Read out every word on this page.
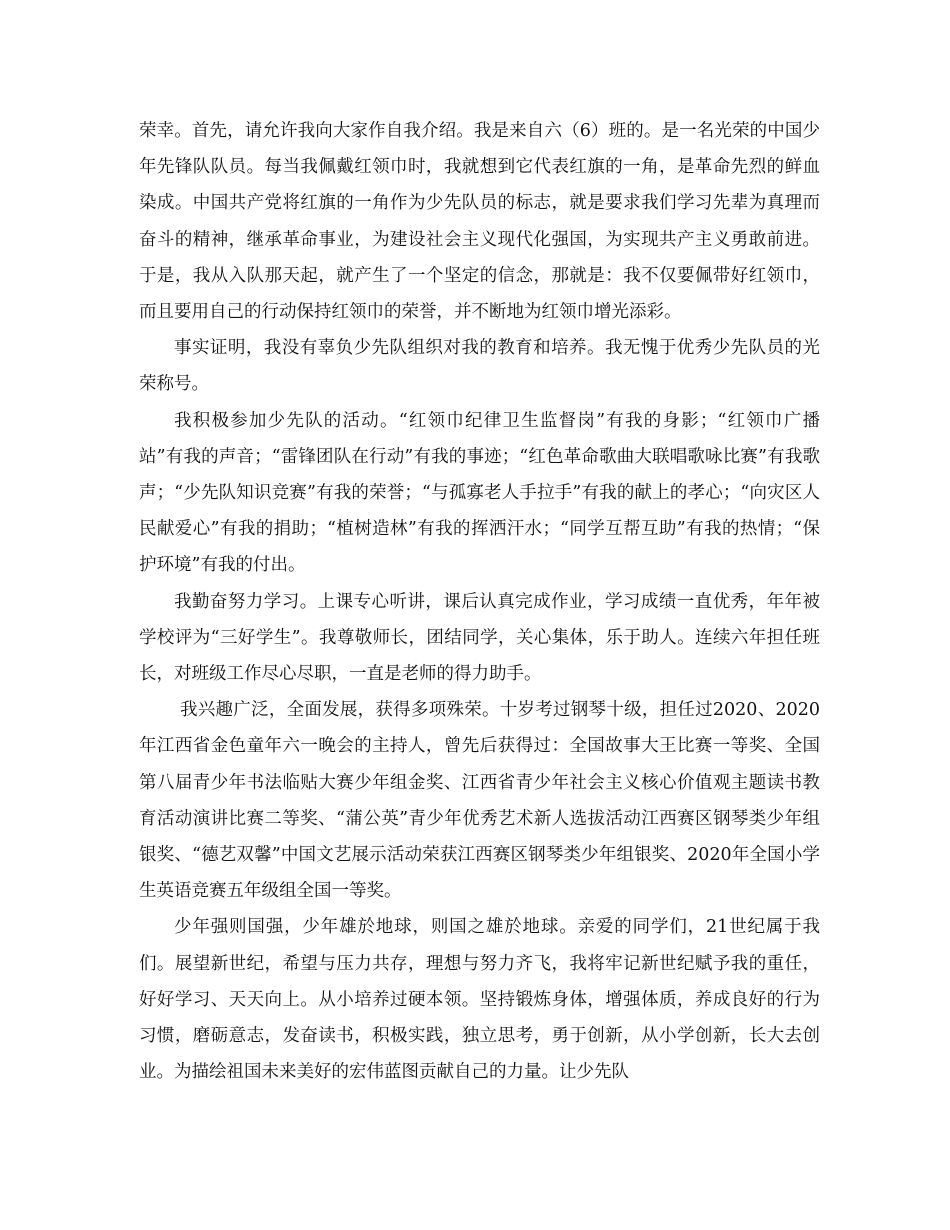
荣幸。首先，请允许我向大家作自我介绍。我是来自六（6）班的。是一名光荣的中国少年先锋队队员。每当我佩戴红领巾时，我就想到它代表红旗的一角，是革命先烈的鲜血染成。中国共产党将红旗的一角作为少先队员的标志，就是要求我们学习先辈为真理而奋斗的精神，继承革命事业，为建设社会主义现代化强国，为实现共产主义勇敢前进。于是，我从入队那天起，就产生了一个坚定的信念，那就是：我不仅要佩带好红领巾，而且要用自己的行动保持红领巾的荣誉，并不断地为红领巾增光添彩。

事实证明，我没有辜负少先队组织对我的教育和培养。我无愧于优秀少先队员的光荣称号。

我积极参加少先队的活动。“红领巾纪律卫生监督岗”有我的身影；“红领巾广播站”有我的声音；“雷锋团队在行动”有我的事迹；“红色革命歌曲大联唱歌咏比赛”有我歌声；“少先队知识竞赛”有我的荣誉；“与孤寡老人手拉手”有我的献上的孝心；“向灾区人民献爱心”有我的捐助；“植树造林”有我的挥洒汗水；“同学互帮互助”有我的热情；“保护环境”有我的付出。

我勤奋努力学习。上课专心听讲，课后认真完成作业，学习成绩一直优秀，年年被学校评为“三好学生”。我尊敬师长，团结同学，关心集体，乐于助人。连续六年担任班长，对班级工作尽心尽职，一直是老师的得力助手。

我兴趣广泛，全面发展，获得多项殊荣。十岁考过钢琴十级，担任过2020、2020年江西省金色童年六一晚会的主持人，曾先后获得过：全国故事大王比赛一等奖、全国第八届青少年书法临贴大赛少年组金奖、江西省青少年社会主义核心价值观主题读书教育活动演讲比赛二等奖、“蒲公英”青少年优秀艺术新人选拔活动江西赛区钢琴类少年组银奖、“德艺双馨”中国文艺展示活动荣获江西赛区钢琴类少年组银奖、2020年全国小学生英语竞赛五年级组全国一等奖。

少年强则国强，少年雄於地球，则国之雄於地球。亲爱的同学们，21世纪属于我们。展望新世纪，希望与压力共存，理想与努力齐飞，我将牢记新世纪赋予我的重任，好好学习、天天向上。从小培养过硬本领。坚持锻炼身体，增强体质，养成良好的行为习惯，磨砺意志，发奋读书，积极实践，独立思考，勇于创新，从小学创新，长大去创业。为描绘祖国未来美好的宏伟蓝图贡献自己的力量。让少先队
